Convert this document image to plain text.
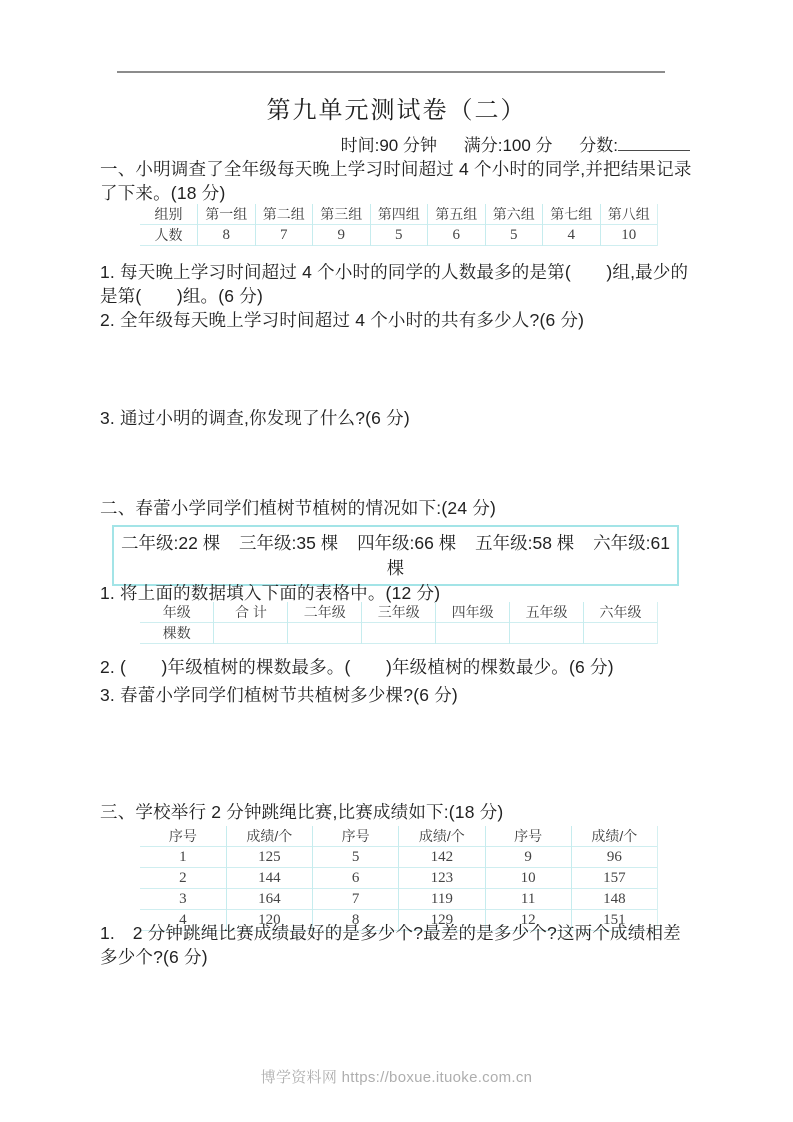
第九单元测试卷（二）
时间:90 分钟 满分:100 分 分数:
一、小明调查了全年级每天晚上学习时间超过 4 个小时的同学,并把结果记录了下来。(18 分)
组别	第一组	第二组	第三组	第四组	第五组	第六组	第七组	第八组
人数	8	7	9	5	6	5	4	10
1. 每天晚上学习时间超过 4 个小时的同学的人数最多的是第(　　)组,最少的是第(　　)组。(6 分)
2. 全年级每天晚上学习时间超过 4 个小时的共有多少人?(6 分)
3. 通过小明的调查,你发现了什么?(6 分)
二、春蕾小学同学们植树节植树的情况如下:(24 分)
二年级:22 棵 三年级:35 棵 四年级:66 棵 五年级:58 棵 六年级:61
棵
1. 将上面的数据填入下面的表格中。(12 分)
年级	合 计	二年级	三年级	四年级	五年级	六年级
棵数						
2. (　　)年级植树的棵数最多。(　　)年级植树的棵数最少。(6 分)
3. 春蕾小学同学们植树节共植树多少棵?(6 分)
三、学校举行 2 分钟跳绳比赛,比赛成绩如下:(18 分)
序号	成绩/个	序号	成绩/个	序号	成绩/个
1	125	5	142	9	96
2	144	6	123	10	157
3	164	7	119	11	148
4	120	8	129	12	151
1.　2 分钟跳绳比赛成绩最好的是多少个?最差的是多少个?这两个成绩相差多少个?(6 分)
博学资料网 https://boxue.ituoke.com.cn
